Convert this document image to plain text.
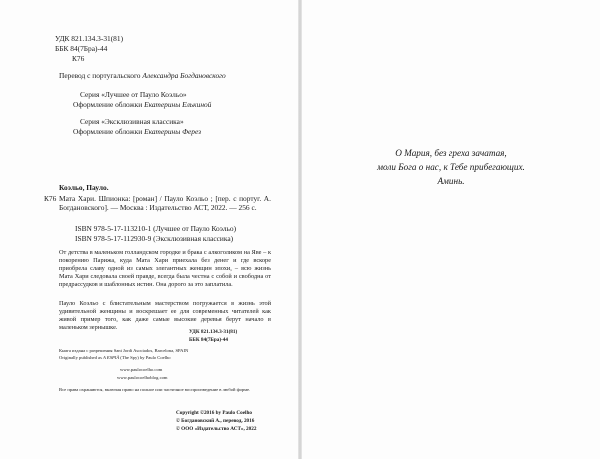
УДК 821.134.3-31(81)
ББК 84(7Бра)-44
К76
Перевод с португальского Александра Богдановского
Серия «Лучшее от Пауло Коэльо»
Оформление обложки Екатерины Елькиной
Серия «Эксклюзивная классика»
Оформление обложки Екатерины Ферез
Коэльо, Пауло.
К76 Мата Хари. Шпионка: [роман] / Пауло Коэльо ; [пер. с португ. А. Богдановского]. — Москва : Издательство АСТ, 2022. — 256 с.
ISBN 978-5-17-113210-1 (Лучшее от Пауло Коэльо)
ISBN 978-5-17-112930-9 (Эксклюзивная классика)
От детства в маленьком голландском городке и брака с алкоголиком на Яве – к покорению Парижа, куда Мата Хари приехала без денег и где вскоре приобрела славу одной из самых элегантных женщин эпохи, – всю жизнь Мата Хари следовала своей правде, всегда была честна с собой и свободна от предрассудков и шаблонных истин. Она дорого за это заплатила.
Пауло Коэльо с блистательным мастерством погружается в жизнь этой удивительной женщины и воскрешает ее для современных читателей как живой пример того, как даже самые высокие деревья берут начало в маленьком зернышке.
УДК 821.134.3-31(81)
ББК 84(7Бра)-44
Книга издана с разрешения Sant Jordi Asociados, Barcelona, SPAIN
Originally published as A ESPIÃ (The Spy) by Paulo Coelho
www.paulocoelho.com
www.paulocoelhoblog.com
Все права охраняются, включая право на полное или частичное воспроизведение в любой форме.
Copyright ©2016 by Paulo Coelho
© Богдановский А., перевод, 2016
© ООО «Издательство АСТ», 2022
О Мария, без греха зачатая,
моли Бога о нас, к Тебе прибегающих.
Аминь.
